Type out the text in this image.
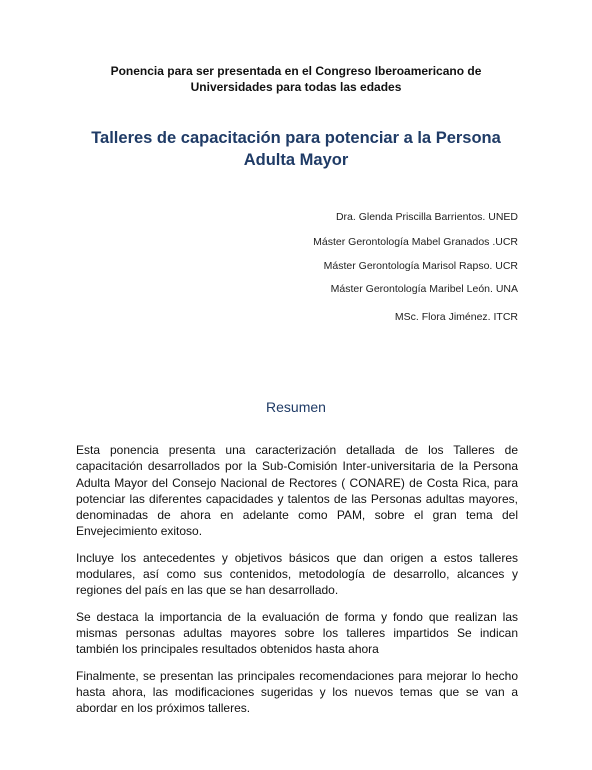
Ponencia para ser presentada en el Congreso Iberoamericano de
Universidades para todas las edades
Talleres de capacitación para potenciar a la Persona
Adulta Mayor
Dra. Glenda Priscilla Barrientos. UNED
Máster Gerontología Mabel Granados .UCR
Máster Gerontología Marisol Rapso. UCR
Máster Gerontología Maribel León. UNA
MSc. Flora Jiménez. ITCR
Resumen

Esta ponencia presenta una caracterización detallada de los Talleres de capacitación desarrollados por la Sub-Comisión Inter-universitaria de la Persona Adulta Mayor del Consejo Nacional de Rectores ( CONARE) de Costa Rica, para potenciar las diferentes capacidades y talentos de las Personas adultas mayores, denominadas de ahora en adelante como PAM, sobre el gran tema del Envejecimiento exitoso.

Incluye los antecedentes y objetivos básicos que dan origen a estos talleres modulares, así como sus contenidos, metodología de desarrollo, alcances y regiones del país en las que se han desarrollado.

Se destaca la importancia de la evaluación de forma y fondo que realizan las mismas personas adultas mayores sobre los talleres impartidos Se indican también los principales resultados obtenidos hasta ahora

Finalmente, se presentan las principales recomendaciones para mejorar lo hecho hasta ahora, las modificaciones sugeridas y los nuevos temas que se van a abordar en los próximos talleres.
